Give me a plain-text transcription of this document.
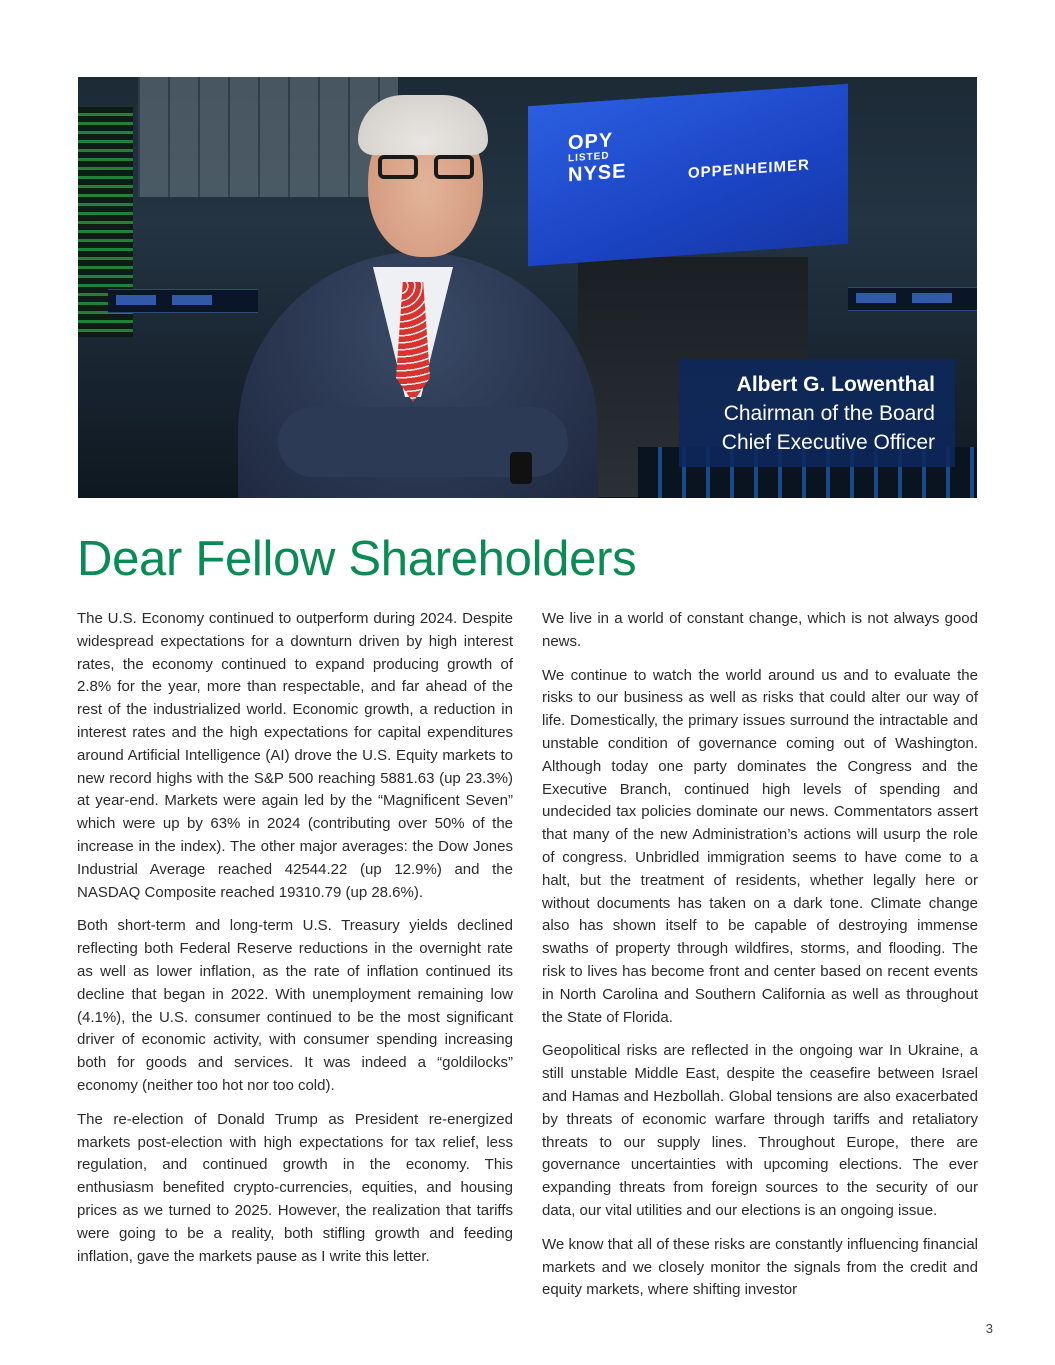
OPY
LISTED
NYSE	OPPENHEIMER
Albert G. Lowenthal
Chairman of the Board
Chief Executive Officer
Dear Fellow Shareholders

The U.S. Economy continued to outperform during 2024. Despite widespread expectations for a downturn driven by high interest rates, the economy continued to expand producing growth of 2.8% for the year, more than respectable, and far ahead of the rest of the industrialized world. Economic growth, a reduction in interest rates and the high expectations for capital expenditures around Artificial Intelligence (AI) drove the U.S. Equity markets to new record highs with the S&P 500 reaching 5881.63 (up 23.3%) at year-end. Markets were again led by the “Magnificent Seven” which were up by 63% in 2024 (contributing over 50% of the increase in the index). The other major averages: the Dow Jones Industrial Average reached 42544.22 (up 12.9%) and the NASDAQ Composite reached 19310.79 (up 28.6%).

Both short-term and long-term U.S. Treasury yields declined reflecting both Federal Reserve reductions in the overnight rate as well as lower inflation, as the rate of inflation continued its decline that began in 2022. With unemployment remaining low (4.1%), the U.S. consumer continued to be the most significant driver of economic activity, with consumer spending increasing both for goods and services. It was indeed a “goldilocks” economy (neither too hot nor too cold).

The re-election of Donald Trump as President re-energized markets post-election with high expectations for tax relief, less regulation, and continued growth in the economy. This enthusiasm benefited crypto-currencies, equities, and housing prices as we turned to 2025. However, the realization that tariffs were going to be a reality, both stifling growth and feeding inflation, gave the markets pause as I write this letter.

We live in a world of constant change, which is not always good news.

We continue to watch the world around us and to evaluate the risks to our business as well as risks that could alter our way of life. Domestically, the primary issues surround the intractable and unstable condition of governance coming out of Washington. Although today one party dominates the Congress and the Executive Branch, continued high levels of spending and undecided tax policies dominate our news. Commentators assert that many of the new Administration’s actions will usurp the role of congress. Unbridled immigration seems to have come to a halt, but the treatment of residents, whether legally here or without documents has taken on a dark tone. Climate change also has shown itself to be capable of destroying immense swaths of property through wildfires, storms, and flooding. The risk to lives has become front and center based on recent events in North Carolina and Southern California as well as throughout the State of Florida.

Geopolitical risks are reflected in the ongoing war In Ukraine, a still unstable Middle East, despite the ceasefire between Israel and Hamas and Hezbollah. Global tensions are also exacerbated by threats of economic warfare through tariffs and retaliatory threats to our supply lines. Throughout Europe, there are governance uncertainties with upcoming elections. The ever expanding threats from foreign sources to the security of our data, our vital utilities and our elections is an ongoing issue.

We know that all of these risks are constantly influencing financial markets and we closely monitor the signals from the credit and equity markets, where shifting investor

3
